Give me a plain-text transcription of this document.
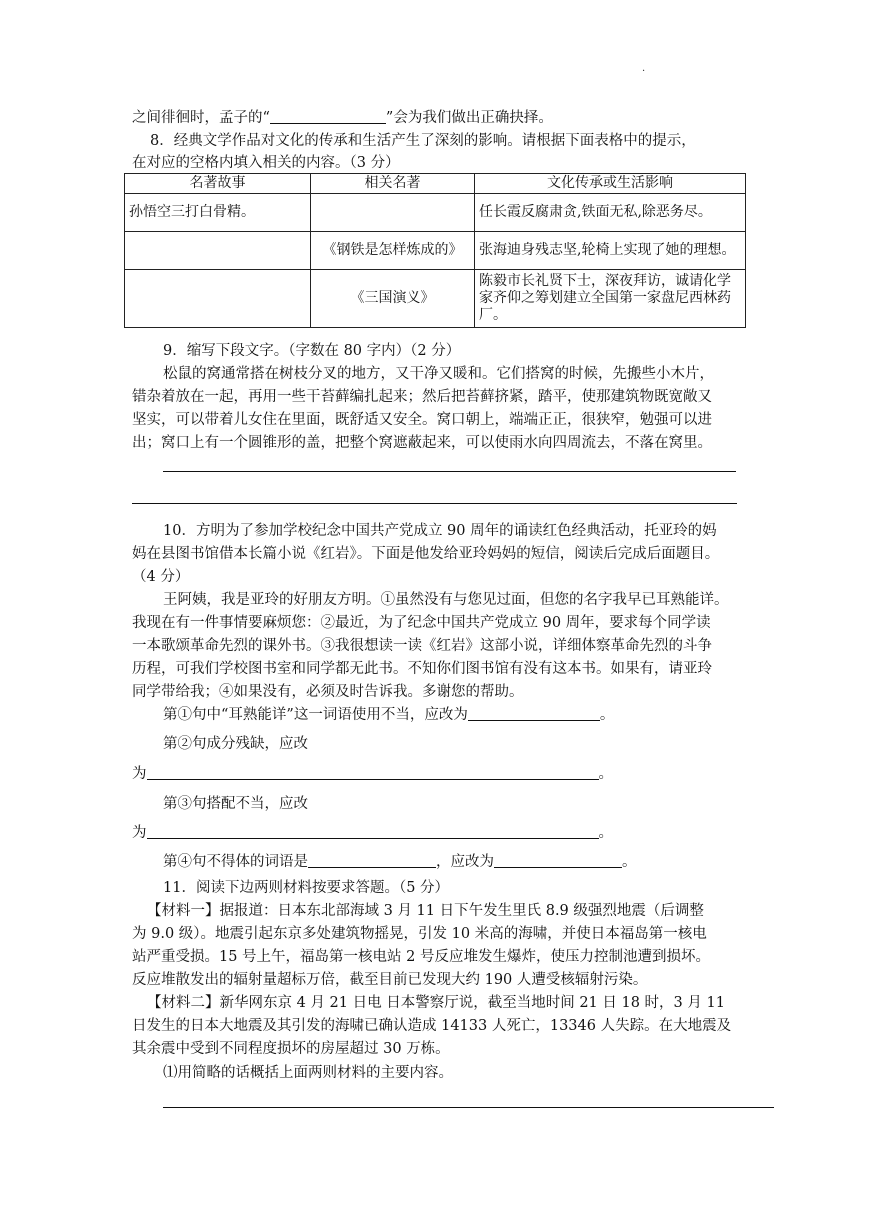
·
之间徘徊时，孟子的“	”会为我们做出正确抉择。
8．经典文学作品对文化的传承和生活产生了深刻的影响。请根据下面表格中的提示，
在对应的空格内填入相关的内容。（3 分）
名著故事	相关名著	文化传承或生活影响
孙悟空三打白骨精。		任长霞反腐肃贪,铁面无私,除恶务尽。
	《钢铁是怎样炼成的》	张海迪身残志坚,轮椅上实现了她的理想。
	《三国演义》	陈毅市长礼贤下士，深夜拜访，诚请化学家齐仰之筹划建立全国第一家盘尼西林药厂。
9．缩写下段文字。（字数在 80 字内）（2 分）
松鼠的窝通常搭在树枝分叉的地方，又干净又暖和。它们搭窝的时候，先搬些小木片，
错杂着放在一起，再用一些干苔藓编扎起来；然后把苔藓挤紧，踏平，使那建筑物既宽敞又
坚实，可以带着儿女住在里面，既舒适又安全。窝口朝上，端端正正，很狭窄，勉强可以进
出；窝口上有一个圆锥形的盖，把整个窝遮蔽起来，可以使雨水向四周流去，不落在窝里。
10．方明为了参加学校纪念中国共产党成立 90 周年的诵读红色经典活动，托亚玲的妈
妈在县图书馆借本长篇小说《红岩》。下面是他发给亚玲妈妈的短信，阅读后完成后面题目。
（4 分）
王阿姨，我是亚玲的好朋友方明。①虽然没有与您见过面，但您的名字我早已耳熟能详。
我现在有一件事情要麻烦您：②最近，为了纪念中国共产党成立 90 周年，要求每个同学读
一本歌颂革命先烈的课外书。③我很想读一读《红岩》这部小说，详细体察革命先烈的斗争
历程，可我们学校图书室和同学都无此书。不知你们图书馆有没有这本书。如果有，请亚玲
同学带给我；④如果没有，必须及时告诉我。多谢您的帮助。
第①句中“耳熟能详”这一词语使用不当，应改为	。
第②句成分残缺，应改
为	。
第③句搭配不当，应改
为	。
第④句不得体的词语是	，应改为	。
11．阅读下边两则材料按要求答题。（5 分）
【材料一】据报道：日本东北部海域 3 月 11 日下午发生里氏 8.9 级强烈地震（后调整
为 9.0 级）。地震引起东京多处建筑物摇晃，引发 10 米高的海啸，并使日本福岛第一核电
站严重受损。15 号上午，福岛第一核电站 2 号反应堆发生爆炸，使压力控制池遭到损坏。
反应堆散发出的辐射量超标万倍，截至目前已发现大约 190 人遭受核辐射污染。
【材料二】新华网东京 4 月 21 日电 日本警察厅说，截至当地时间 21 日 18 时，3 月 11
日发生的日本大地震及其引发的海啸已确认造成 14133 人死亡，13346 人失踪。在大地震及
其余震中受到不同程度损坏的房屋超过 30 万栋。
⑴用简略的话概括上面两则材料的主要内容。
